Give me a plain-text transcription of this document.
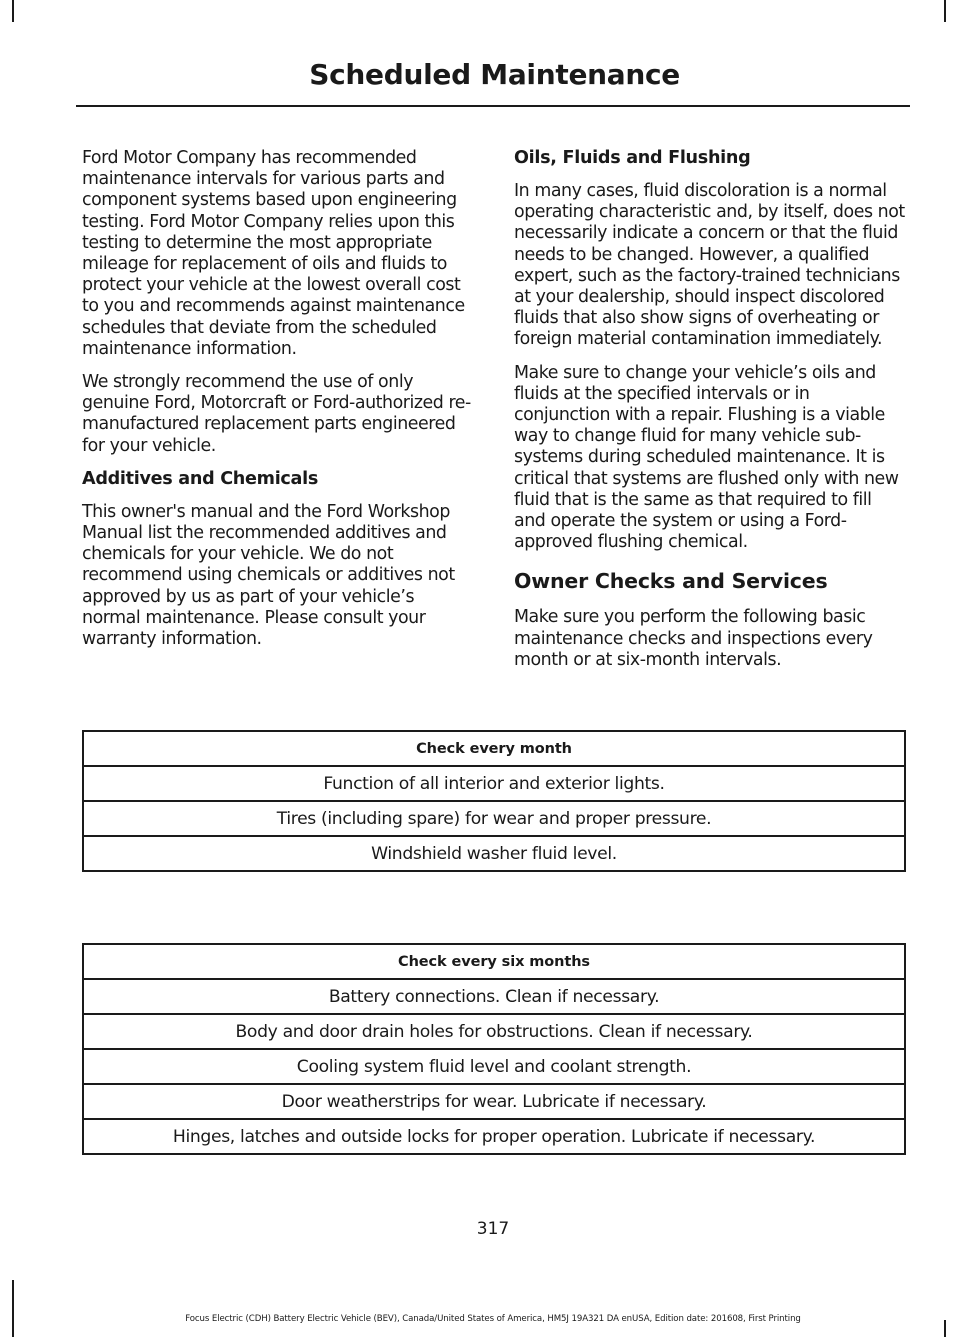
Scheduled Maintenance

Ford Motor Company has recommended maintenance intervals for various parts and component systems based upon engineering testing. Ford Motor Company relies upon this testing to determine the most appropriate mileage for replacement of oils and fluids to protect your vehicle at the lowest overall cost to you and recommends against maintenance schedules that deviate from the scheduled maintenance information.

We strongly recommend the use of only genuine Ford, Motorcraft or Ford-authorized re-manufactured replacement parts engineered for your vehicle.

Additives and Chemicals

This owner's manual and the Ford Workshop Manual list the recommended additives and chemicals for your vehicle. We do not recommend using chemicals or additives not approved by us as part of your vehicle’s normal maintenance. Please consult your warranty information.

Oils, Fluids and Flushing

In many cases, fluid discoloration is a normal operating characteristic and, by itself, does not necessarily indicate a concern or that the fluid needs to be changed. However, a qualified expert, such as the factory-trained technicians at your dealership, should inspect discolored fluids that also show signs of overheating or foreign material contamination immediately.

Make sure to change your vehicle’s oils and fluids at the specified intervals or in conjunction with a repair. Flushing is a viable way to change fluid for many vehicle sub-systems during scheduled maintenance. It is critical that systems are flushed only with new fluid that is the same as that required to fill and operate the system or using a Ford-approved flushing chemical.

Owner Checks and Services

Make sure you perform the following basic maintenance checks and inspections every month or at six-month intervals.

Check every month
Function of all interior and exterior lights.
Tires (including spare) for wear and proper pressure.
Windshield washer fluid level.
Check every six months
Battery connections. Clean if necessary.
Body and door drain holes for obstructions. Clean if necessary.
Cooling system fluid level and coolant strength.
Door weatherstrips for wear. Lubricate if necessary.
Hinges, latches and outside locks for proper operation. Lubricate if necessary.
317
Focus Electric (CDH) Battery Electric Vehicle (BEV), Canada/United States of America, HM5J 19A321 DA enUSA, Edition date: 201608, First Printing
